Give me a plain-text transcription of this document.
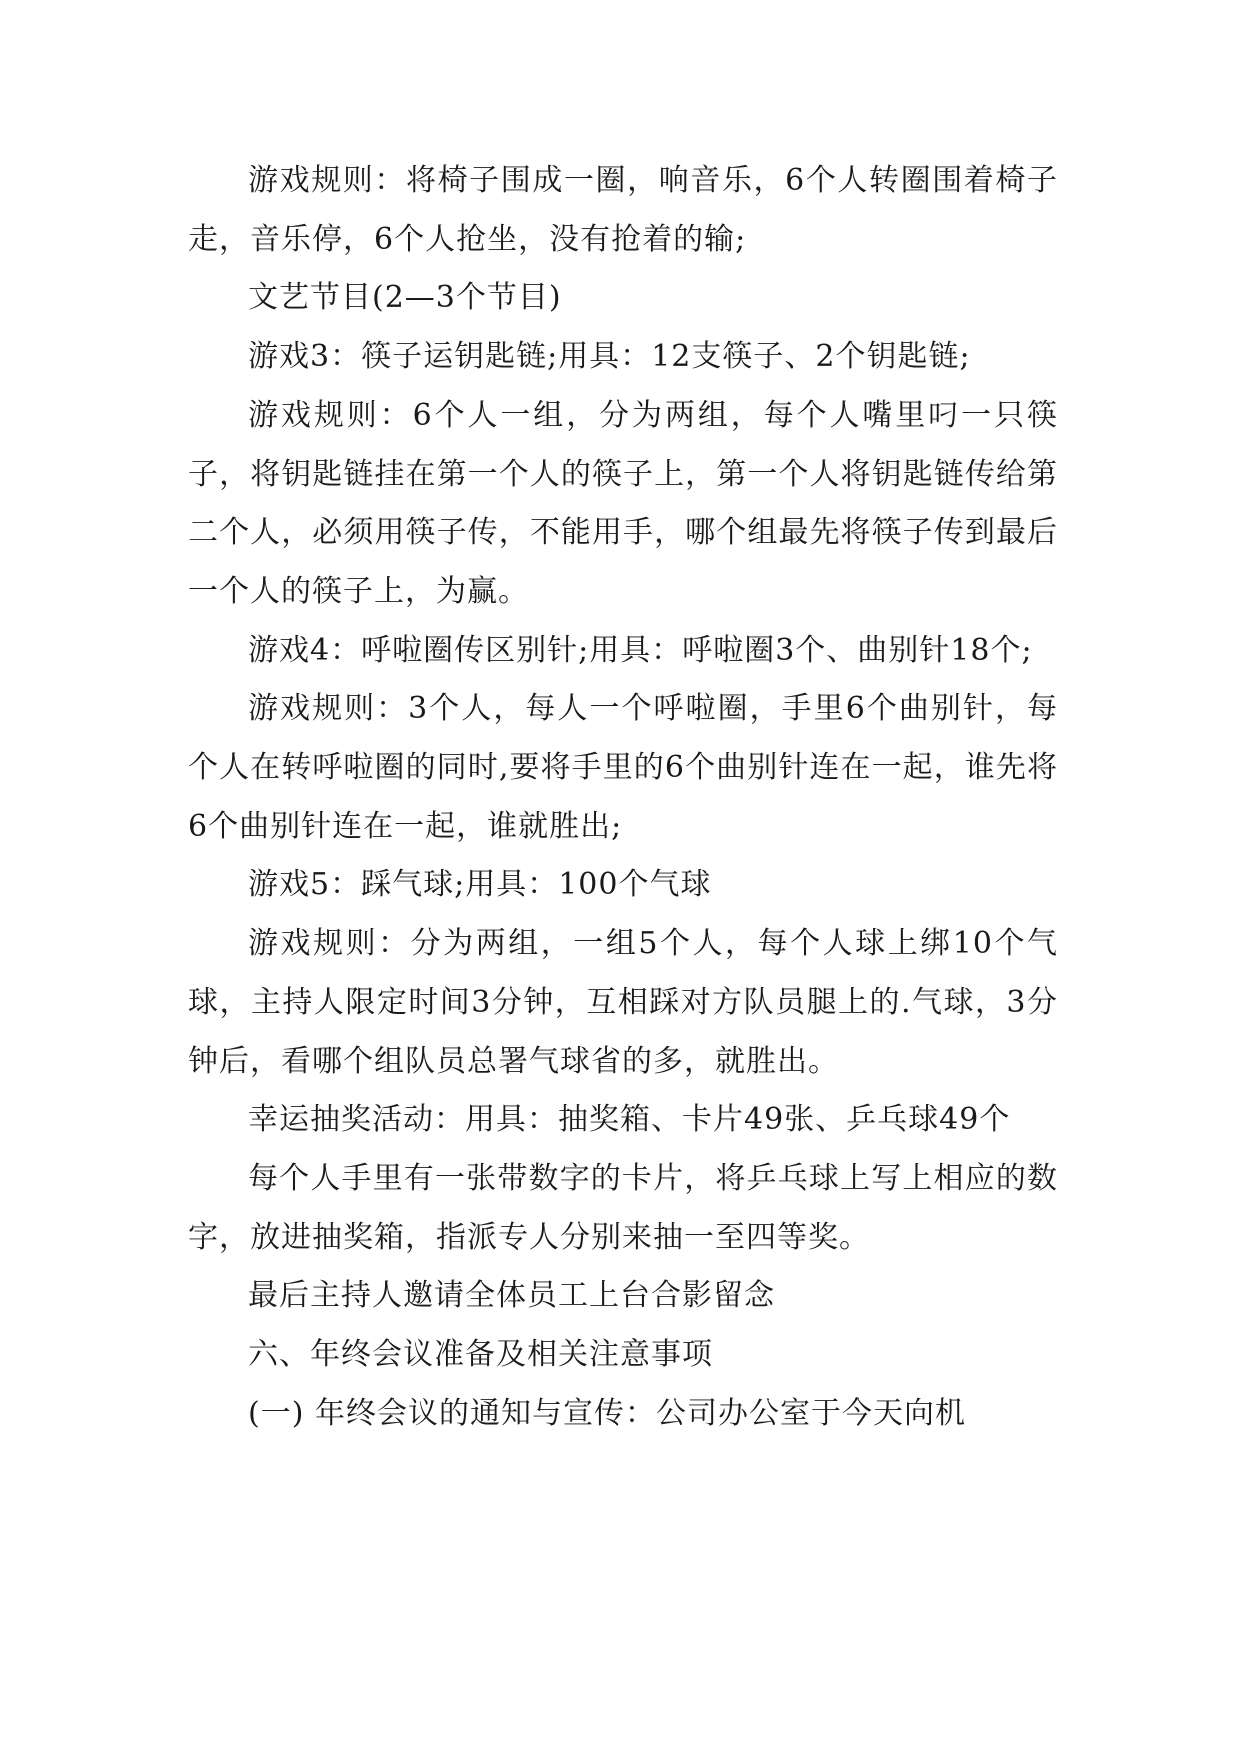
游戏规则：将椅子围成一圈，响音乐，6个人转圈围着椅子走，音乐停，6个人抢坐，没有抢着的输;

文艺节目(2—3个节目)

游戏3：筷子运钥匙链;用具：12支筷子、2个钥匙链;

游戏规则：6个人一组，分为两组，每个人嘴里叼一只筷子，将钥匙链挂在第一个人的筷子上，第一个人将钥匙链传给第二个人，必须用筷子传，不能用手，哪个组最先将筷子传到最后一个人的筷子上，为赢。

游戏4：呼啦圈传区别针;用具：呼啦圈3个、曲别针18个;

游戏规则：3个人，每人一个呼啦圈，手里6个曲别针，每个人在转呼啦圈的同时,要将手里的6个曲别针连在一起，谁先将6个曲别针连在一起，谁就胜出;

游戏5：踩气球;用具：100个气球

游戏规则：分为两组，一组5个人，每个人球上绑10个气球，主持人限定时间3分钟，互相踩对方队员腿上的.气球，3分钟后，看哪个组队员总署气球省的多，就胜出。

幸运抽奖活动：用具：抽奖箱、卡片49张、乒乓球49个

每个人手里有一张带数字的卡片，将乒乓球上写上相应的数字，放进抽奖箱，指派专人分别来抽一至四等奖。

最后主持人邀请全体员工上台合影留念

六、年终会议准备及相关注意事项

(一) 年终会议的通知与宣传：公司办公室于今天向机
